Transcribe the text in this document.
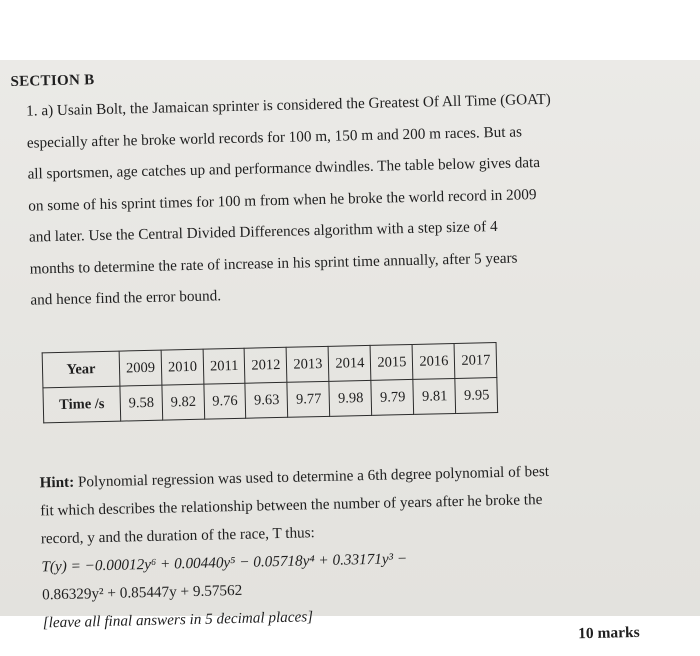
SECTION B
1. a) Usain Bolt, the Jamaican sprinter is considered the Greatest Of All Time (GOAT)
especially after he broke world records for 100 m, 150 m and 200 m races. But as
all sportsmen, age catches up and performance dwindles. The table below gives data
on some of his sprint times for 100 m from when he broke the world record in 2009
and later. Use the Central Divided Differences algorithm with a step size of 4
months to determine the rate of increase in his sprint time annually, after 5 years
and hence find the error bound.
Year	2009	2010	2011	2012	2013	2014	2015	2016	2017
Time /s	9.58	9.82	9.76	9.63	9.77	9.98	9.79	9.81	9.95
Hint: Polynomial regression was used to determine a 6th degree polynomial of best
fit which describes the relationship between the number of years after he broke the
record, y and the duration of the race, T thus:
T(y) = −0.00012y⁶ + 0.00440y⁵ − 0.05718y⁴ + 0.33171y³ −
0.86329y² + 0.85447y + 9.57562
[leave all final answers in 5 decimal places]
10 marks
